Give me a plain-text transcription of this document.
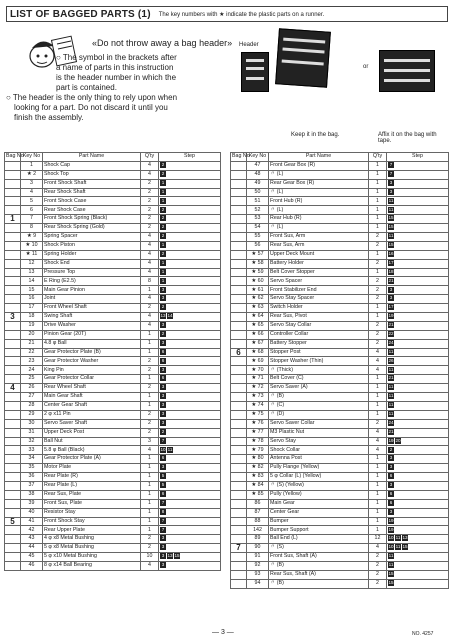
LIST OF BAGGED PARTS (1) The key numbers with ★ indicate the plastic parts on a runner.
«Do not throw away a bag header»
○ The symbol in the brackets after
a name of parts in this instruction
is the header number in which the
part is contained.
○ The header is the only thing to rely upon when
looking for a part. Do not discard it until you
finish the assembly.
Header
or
Keep it in the bag.	Affix it on the bag with tape.
Bag No	Key No	Part Name	Q'ty	Step
	1	Shock Cap	4	2
	★ 2	Shock Top	4	2
	3	Front Shock Shaft	2	1
	4	Rear Shock Shaft	2	1
	5	Front Shock Case	2	1
	6	Rear Shock Case	2	2
1	7	Front Shock Spring (Black)	2	2
	8	Rear Shock Spring (Gold)	2	2
	★ 9	Spring Spacer	4	2
	★ 10	Shock Piston	4	1
	★ 11	Spring Holder	4	2
	12	Shock End	4	1
	13	Pressure Top	4	1
	14	E Ring (E2.5)	8	1
	15	Main Gear Pinion	1	3
	16	Joint	4	3
	17	Front Wheel Shaft	2	2
3	18	Swing Shaft	4	13 14
	19	Drive Washer	4	3
	20	Pinion Gear (20T)	1	2
	21	4.8 φ Ball	1	3
	22	Gear Protector Plate (B)	1	6
	23	Gear Protector Washer	2	6
	24	King Pin	2	3
	25	Gear Protector Collar	1	6
4	26	Rear Wheel Shaft	2	3
	27	Main Gear Shaft	1	3
	28	Center Gear Shaft	1	3
	29	2 φ x11 Pin	2	3
	30	Servo Saver Shaft	2	3
	31	Upper Deck Post	2	2
	32	Ball Nut	3	7
	33	5.8 φ Ball (Black)	4	10 11
	34	Gear Protector Plate (A)	1	6
	35	Motor Plate	1	3
	36	Rear Plate (R)	1	5
	37	Rear Plate (L)	1	5
	38	Rear Sus, Plate	1	6
	39	Front Sus, Plate	1	7
	40	Resistor Stay	1	8
5	41	Front Shock Stay	1	7
	42	Rear Upper Plate	1	7
	43	4 φ x8 Metal Bushing	2	3
	44	5 φ x8 Metal Bushing	2	3
	45	5 φ x10 Metal Bushing	10	3 13 15
	46	8 φ x14 Ball Bearing	4	3
Bag No	Key No	Part Name	Q'ty	Step
	47	Front Gear Box (R)	1	7
	48	〃 (L)	1	7
	49	Rear Gear Box (R)	1	3
	50	〃 (L)	1	3
	51	Front Hub (R)	1	11
	52	〃 (L)	1	11
	53	Rear Hub (R)	1	15
	54	〃 (L)	1	15
	55	Front Sus, Arm	2	11
	56	Rear Sus, Arm	2	15
	★ 57	Upper Deck Mount	1	16
	★ 58	Battery Holder	2	17
	★ 59	Belt Cover Stopper	1	18
	★ 60	Servo Spacer	2	21
	★ 61	Front Stabilizer End	2	3
	★ 62	Servo Stay Spacer	2	3
	★ 63	Switch Holder	1	17
	★ 64	Rear Sus, Pivot	1	19
	★ 65	Servo Stay Collar	2	21
	★ 66	Controller Collar	2	22
	★ 67	Battery Stopper	2	24
6	★ 68	Stopper Post	4	11
	★ 69	Stopper Washer (Thin)	4	26
	★ 70	〃 (Thick)	4	11
	★ 71	Belt Cover (C)	1	21
	★ 72	Servo Saver (A)	1	11
	★ 73	〃 (B)	1	11
	★ 74	〃 (C)	1	11
	★ 75	〃 (D)	1	11
	★ 76	Servo Saver Collar	2	24
	★ 77	M3 Plastic Nut	4	21
	★ 78	Servo Stay	4	19 20
	★ 79	Shock Collar	4	2
	★ 80	Antenna Post	1	3
	★ 82	Pully Flange (Yellow)	1	3
	★ 83	5 φ Collar (L) (Yellow)	1	6
	★ 84	〃 (S) (Yellow)	1	3
	★ 85	Pully (Yellow)	1	6
	86	Main Gear	1	6
	87	Center Gear	1	3
	88	Bumper	1	19
	142	Bumper Support	1	19
	89	Ball End (L)	12	10 11 13
7	90	〃 (S)	4	10 11 15
	91	Front Sus, Shaft (A)	2	11
	92	〃 (B)	2	11
	93	Rear Sus, Shaft (A)	2	15
	94	〃 (B)	2	15
— 3 —	NO. 4257
